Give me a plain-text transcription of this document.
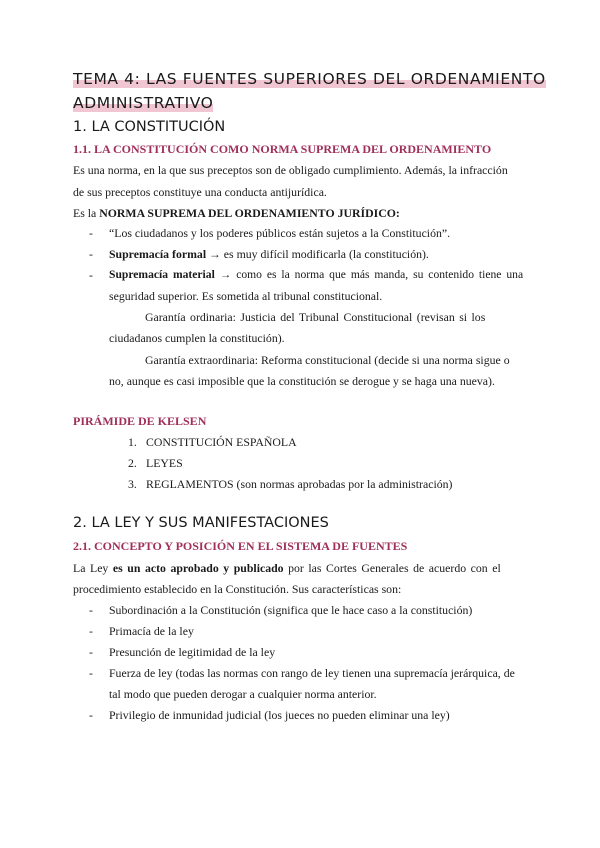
TEMA 4: LAS FUENTES SUPERIORES DEL ORDENAMIENTO
ADMINISTRATIVO
1. LA CONSTITUCIÓN
1.1. LA CONSTITUCIÓN COMO NORMA SUPREMA DEL ORDENAMIENTO
Es una norma, en la que sus preceptos son de obligado cumplimiento. Además, la infracción
de sus preceptos constituye una conducta antijurídica.
Es la NORMA SUPREMA DEL ORDENAMIENTO JURÍDICO:
- “Los ciudadanos y los poderes públicos están sujetos a la Constitución”.
- Supremacía formal → es muy difícil modificarla (la constitución).
- Supremacía material → como es la norma que más manda, su contenido tiene una
seguridad superior. Es sometida al tribunal constitucional.
Garantía ordinaria: Justicia del Tribunal Constitucional (revisan si los
ciudadanos cumplen la constitución).
Garantía extraordinaria: Reforma constitucional (decide si una norma sigue o
no, aunque es casi imposible que la constitución se derogue y se haga una nueva).
PIRÁMIDE DE KELSEN
1. CONSTITUCIÓN ESPAÑOLA
2. LEYES
3. REGLAMENTOS (son normas aprobadas por la administración)
2. LA LEY Y SUS MANIFESTACIONES
2.1. CONCEPTO Y POSICIÓN EN EL SISTEMA DE FUENTES
La Ley es un acto aprobado y publicado por las Cortes Generales de acuerdo con el
procedimiento establecido en la Constitución. Sus características son:
- Subordinación a la Constitución (significa que le hace caso a la constitución)
- Primacía de la ley
- Presunción de legitimidad de la ley
- Fuerza de ley (todas las normas con rango de ley tienen una supremacía jerárquica, de
tal modo que pueden derogar a cualquier norma anterior.
- Privilegio de inmunidad judicial (los jueces no pueden eliminar una ley)
